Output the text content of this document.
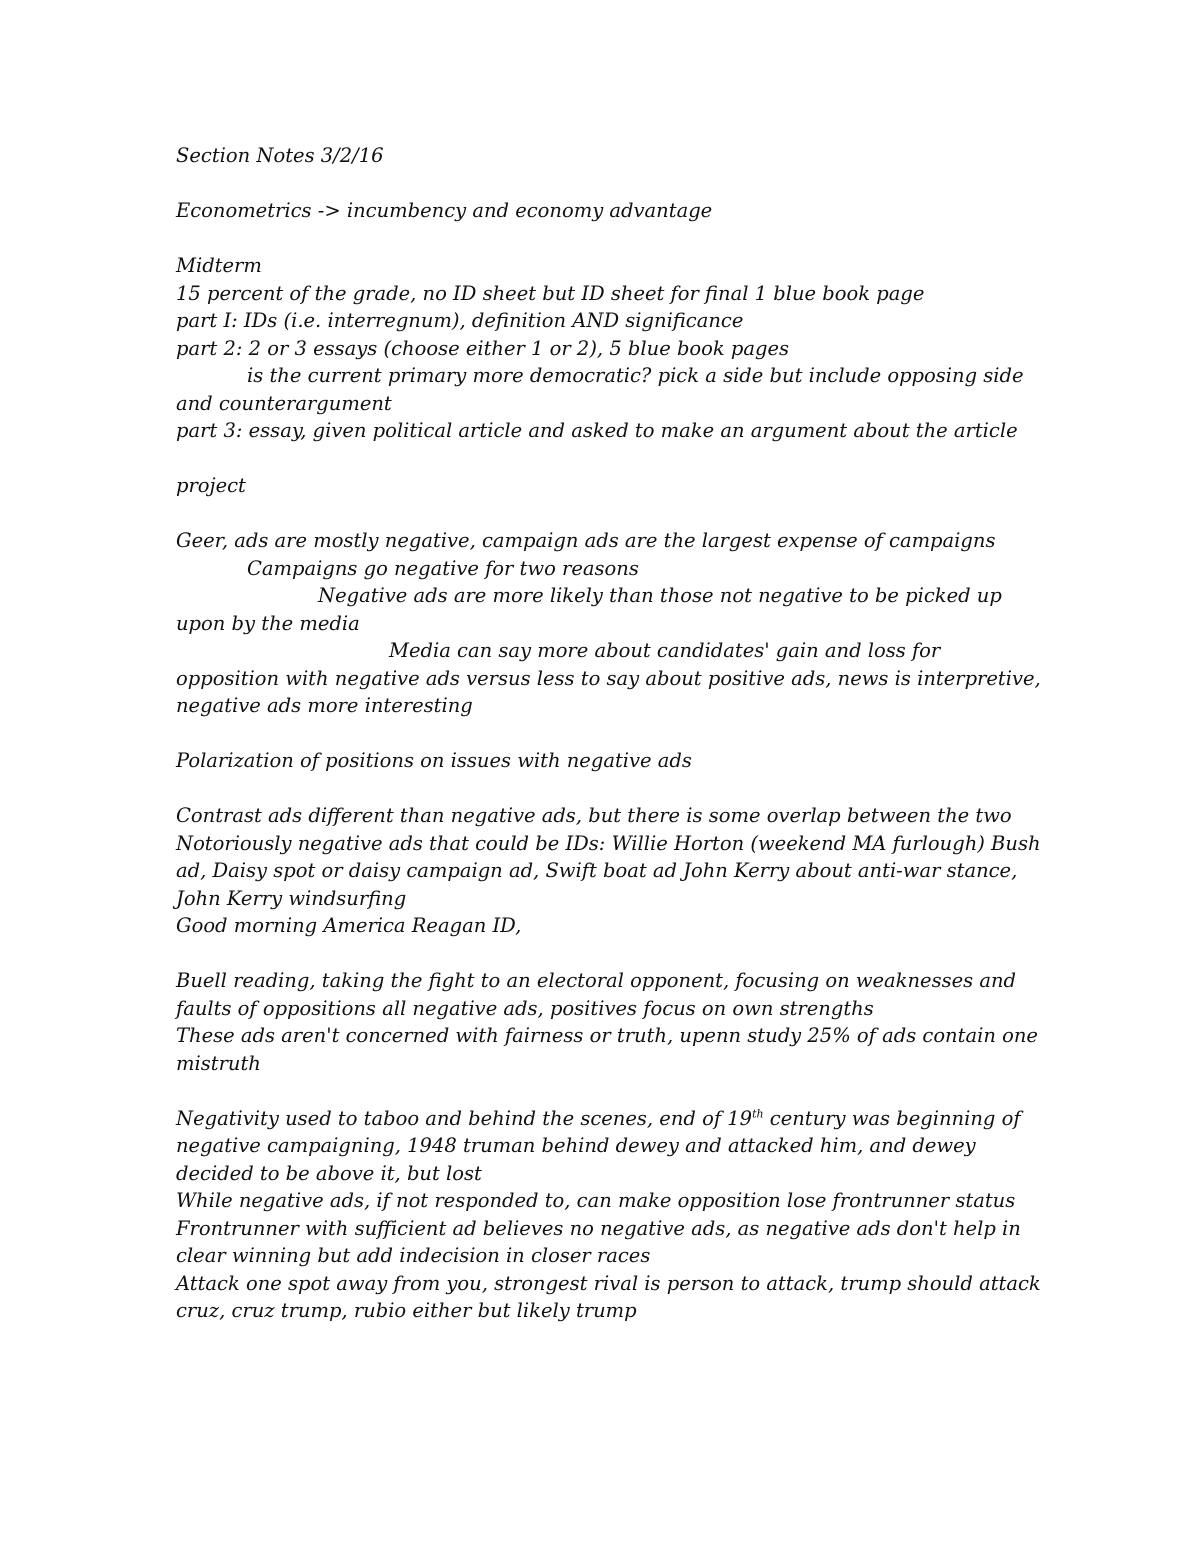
Section Notes 3/2/16
Econometrics -> incumbency and economy advantage
Midterm
15 percent of the grade, no ID sheet but ID sheet for final 1 blue book page
part I: IDs (i.e. interregnum), definition AND significance
part 2: 2 or 3 essays (choose either 1 or 2), 5 blue book pages
is the current primary more democratic? pick a side but include opposing side
and counterargument
part 3: essay, given political article and asked to make an argument about the article
project
Geer, ads are mostly negative, campaign ads are the largest expense of campaigns
Campaigns go negative for two reasons
Negative ads are more likely than those not negative to be picked up
upon by the media
Media can say more about candidates' gain and loss for
opposition with negative ads versus less to say about positive ads, news is interpretive,
negative ads more interesting
Polarization of positions on issues with negative ads
Contrast ads different than negative ads, but there is some overlap between the two
Notoriously negative ads that could be IDs: Willie Horton (weekend MA furlough) Bush
ad, Daisy spot or daisy campaign ad, Swift boat ad John Kerry about anti-war stance,
John Kerry windsurfing
Good morning America Reagan ID,
Buell reading, taking the fight to an electoral opponent, focusing on weaknesses and
faults of oppositions all negative ads, positives focus on own strengths
These ads aren't concerned with fairness or truth, upenn study 25% of ads contain one
mistruth
Negativity used to taboo and behind the scenes, end of 19th century was beginning of
negative campaigning, 1948 truman behind dewey and attacked him, and dewey
decided to be above it, but lost
While negative ads, if not responded to, can make opposition lose frontrunner status
Frontrunner with sufficient ad believes no negative ads, as negative ads don't help in
clear winning but add indecision in closer races
Attack one spot away from you, strongest rival is person to attack, trump should attack
cruz, cruz trump, rubio either but likely trump
